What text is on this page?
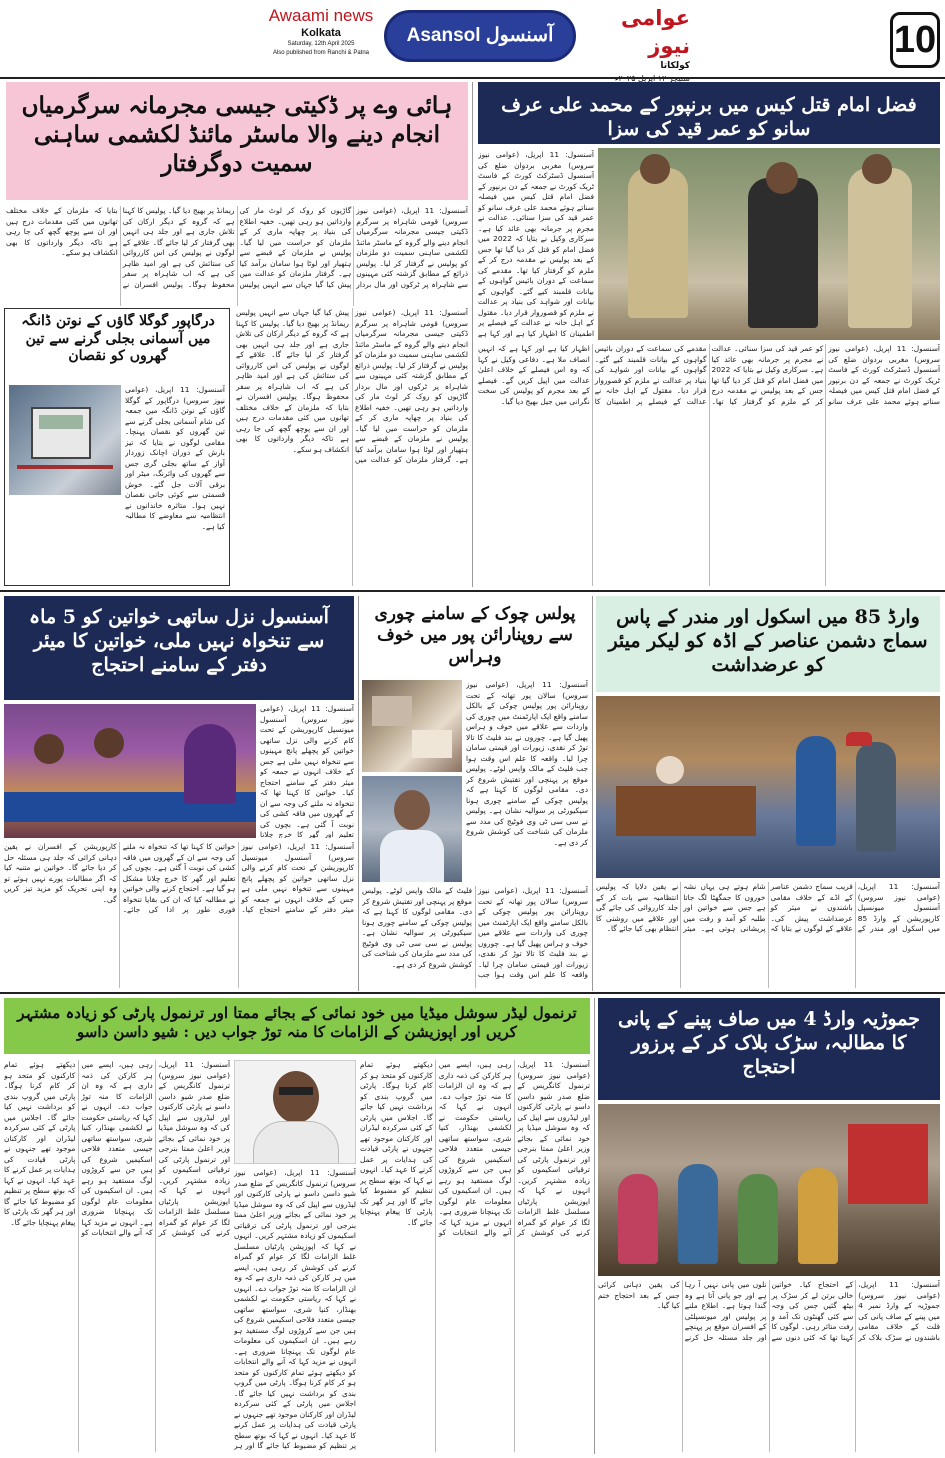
Awaami news
Kolkata
Saturday, 12th April 2025
Also published from Ranchi & Patna
Asansol آسنسول
عوامی نیوز
کولکاتا
10
ہائی وے پر ڈکیتی جیسی مجرمانہ سرگرمیاں انجام دینے والا ماسٹر مائنڈ لکشمی ساہنی سمیت دوگرفتار
آسنسول: 11 اپریل، (عوامی نیوز سروس) قومی شاہراہ پر سرگرم ڈکیتی جیسی مجرمانہ سرگرمیاں انجام دینے والے گروہ کے ماسٹر مائنڈ لکشمی ساہنی سمیت دو ملزمان کو پولیس نے گرفتار کر لیا۔ پولیس ذرائع کے مطابق گزشتہ کئی مہینوں سے شاہراہ پر ٹرکوں اور مال بردار گاڑیوں کو روک کر لوٹ مار کی وارداتیں ہو رہی تھیں۔ خفیہ اطلاع کی بنیاد پر چھاپہ ماری کر کے ملزمان کو حراست میں لیا گیا۔ پولیس نے ملزمان کے قبضے سے ہتھیار اور لوٹا ہوا سامان برآمد کیا ہے۔ گرفتار ملزمان کو عدالت میں پیش کیا گیا جہاں سے انہیں پولیس ریمانڈ پر بھیج دیا گیا۔ پولیس کا کہنا ہے کہ گروہ کے دیگر ارکان کی تلاش جاری ہے اور جلد ہی انہیں بھی گرفتار کر لیا جائے گا۔ علاقے کے لوگوں نے پولیس کی اس کارروائی کی ستائش کی ہے اور امید ظاہر کی ہے کہ اب شاہراہ پر سفر محفوظ ہوگا۔ پولیس افسران نے بتایا کہ ملزمان کے خلاف مختلف تھانوں میں کئی مقدمات درج ہیں اور ان سے پوچھ گچھ کی جا رہی ہے تاکہ دیگر وارداتوں کا بھی انکشاف ہو سکے۔
درگاپور گوگلا گاؤں کے نوتن ڈانگہ میں آسمانی بجلی گرنے سے تین گھروں کو نقصان
آسنسول: 11 اپریل، (عوامی نیوز سروس) درگاپور کے گوگلا گاؤں کے نوتن ڈانگہ میں جمعہ کی شام آسمانی بجلی گرنے سے تین گھروں کو نقصان پہنچا۔ مقامی لوگوں نے بتایا کہ تیز بارش کے دوران اچانک زوردار آواز کے ساتھ بجلی گری جس سے گھروں کی وائرنگ، میٹر اور برقی آلات جل گئے۔ خوش قسمتی سے کوئی جانی نقصان نہیں ہوا۔ متاثرہ خاندانوں نے انتظامیہ سے معاوضے کا مطالبہ کیا ہے۔
آسنسول: 11 اپریل، (عوامی نیوز سروس) قومی شاہراہ پر سرگرم ڈکیتی جیسی مجرمانہ سرگرمیاں انجام دینے والے گروہ کے ماسٹر مائنڈ لکشمی ساہنی سمیت دو ملزمان کو پولیس نے گرفتار کر لیا۔ پولیس ذرائع کے مطابق گزشتہ کئی مہینوں سے شاہراہ پر ٹرکوں اور مال بردار گاڑیوں کو روک کر لوٹ مار کی وارداتیں ہو رہی تھیں۔ خفیہ اطلاع کی بنیاد پر چھاپہ ماری کر کے ملزمان کو حراست میں لیا گیا۔ پولیس نے ملزمان کے قبضے سے ہتھیار اور لوٹا ہوا سامان برآمد کیا ہے۔ گرفتار ملزمان کو عدالت میں پیش کیا گیا جہاں سے انہیں پولیس ریمانڈ پر بھیج دیا گیا۔ پولیس کا کہنا ہے کہ گروہ کے دیگر ارکان کی تلاش جاری ہے اور جلد ہی انہیں بھی گرفتار کر لیا جائے گا۔ علاقے کے لوگوں نے پولیس کی اس کارروائی کی ستائش کی ہے اور امید ظاہر کی ہے کہ اب شاہراہ پر سفر محفوظ ہوگا۔ پولیس افسران نے بتایا کہ ملزمان کے خلاف مختلف تھانوں میں کئی مقدمات درج ہیں اور ان سے پوچھ گچھ کی جا رہی ہے تاکہ دیگر وارداتوں کا بھی انکشاف ہو سکے۔
فضل امام قتل کیس میں برنپور کے محمد علی عرف سانو کو عمر قید کی سزا
آسنسول: 11 اپریل، (عوامی نیوز سروس) مغربی بردوان ضلع کی آسنسول ڈسٹرکٹ کورٹ کے فاسٹ ٹریک کورٹ نے جمعہ کے دن برنپور کے فضل امام قتل کیس میں فیصلہ سناتے ہوئے محمد علی عرف سانو کو عمر قید کی سزا سنائی۔ عدالت نے مجرم پر جرمانہ بھی عائد کیا ہے۔ سرکاری وکیل نے بتایا کہ 2022 میں فضل امام کو قتل کر دیا گیا تھا جس کے بعد پولیس نے مقدمہ درج کر کے ملزم کو گرفتار کیا تھا۔ مقدمے کی سماعت کے دوران بائیس گواہوں کے بیانات قلمبند کیے گئے۔ گواہوں کے بیانات اور شواہد کی بنیاد پر عدالت نے ملزم کو قصوروار قرار دیا۔ مقتول کے اہل خانہ نے عدالت کے فیصلے پر اطمینان کا اظہار کیا ہے اور کہا ہے
آسنسول: 11 اپریل، (عوامی نیوز سروس) مغربی بردوان ضلع کی آسنسول ڈسٹرکٹ کورٹ کے فاسٹ ٹریک کورٹ نے جمعہ کے دن برنپور کے فضل امام قتل کیس میں فیصلہ سناتے ہوئے محمد علی عرف سانو کو عمر قید کی سزا سنائی۔ عدالت نے مجرم پر جرمانہ بھی عائد کیا ہے۔ سرکاری وکیل نے بتایا کہ 2022 میں فضل امام کو قتل کر دیا گیا تھا جس کے بعد پولیس نے مقدمہ درج کر کے ملزم کو گرفتار کیا تھا۔ مقدمے کی سماعت کے دوران بائیس گواہوں کے بیانات قلمبند کیے گئے۔ گواہوں کے بیانات اور شواہد کی بنیاد پر عدالت نے ملزم کو قصوروار قرار دیا۔ مقتول کے اہل خانہ نے عدالت کے فیصلے پر اطمینان کا اظہار کیا ہے اور کہا ہے کہ انہیں انصاف ملا ہے۔ دفاعی وکیل نے کہا کہ وہ اس فیصلے کے خلاف اعلیٰ عدالت میں اپیل کریں گے۔ فیصلے کے بعد مجرم کو پولیس کی سخت نگرانی میں جیل بھیج دیا گیا۔
آسنسول نزل ساتھی خواتین کو 5 ماہ سے تنخواہ نہیں ملی، خواتین کا میئر دفتر کے سامنے احتجاج
آسنسول: 11 اپریل، (عوامی نیوز سروس) آسنسول میونسپل کارپوریشن کے تحت کام کرنے والی نزل ساتھی خواتین کو پچھلے پانچ مہینوں سے تنخواہ نہیں ملی ہے جس کے خلاف انہوں نے جمعہ کو میئر دفتر کے سامنے احتجاج کیا۔ خواتین کا کہنا تھا کہ تنخواہ نہ ملنے کی وجہ سے ان کے گھروں میں فاقہ کشی کی نوبت آ گئی ہے۔ بچوں کی تعلیم اور گھر کا خرچ چلانا
آسنسول: 11 اپریل، (عوامی نیوز سروس) آسنسول میونسپل کارپوریشن کے تحت کام کرنے والی نزل ساتھی خواتین کو پچھلے پانچ مہینوں سے تنخواہ نہیں ملی ہے جس کے خلاف انہوں نے جمعہ کو میئر دفتر کے سامنے احتجاج کیا۔ خواتین کا کہنا تھا کہ تنخواہ نہ ملنے کی وجہ سے ان کے گھروں میں فاقہ کشی کی نوبت آ گئی ہے۔ بچوں کی تعلیم اور گھر کا خرچ چلانا مشکل ہو گیا ہے۔ احتجاج کرنے والی خواتین نے مطالبہ کیا کہ ان کی بقایا تنخواہ فوری طور پر ادا کی جائے۔ کارپوریشن کے افسران نے یقین دہانی کرائی کہ جلد ہی مسئلہ حل کر دیا جائے گا۔ خواتین نے متنبہ کیا کہ اگر مطالبات پورے نہیں ہوئے تو وہ اپنی تحریک کو مزید تیز کریں گی۔
پولس چوک کے سامنے چوری سے روپنارائن پور میں خوف وہراس
آسنسول: 11 اپریل، (عوامی نیوز سروس) سالان پور تھانہ کے تحت روپنارائن پور پولیس چوکی کے بالکل سامنے واقع ایک اپارٹمنٹ میں چوری کی واردات سے علاقے میں خوف و ہراس پھیل گیا ہے۔ چوروں نے بند فلیٹ کا تالا توڑ کر نقدی، زیورات اور قیمتی سامان چرا لیا۔ واقعہ کا علم اس وقت ہوا جب فلیٹ کے مالک واپس لوٹے۔ پولیس موقع پر پہنچی اور تفتیش شروع کر دی۔ مقامی لوگوں کا کہنا ہے کہ پولیس چوکی کے سامنے چوری ہونا سیکیورٹی پر سوالیہ نشان ہے۔ پولیس نے سی سی ٹی وی فوٹیج کی مدد سے ملزمان کی شناخت کی کوشش شروع کر دی ہے۔
آسنسول: 11 اپریل، (عوامی نیوز سروس) سالان پور تھانہ کے تحت روپنارائن پور پولیس چوکی کے بالکل سامنے واقع ایک اپارٹمنٹ میں چوری کی واردات سے علاقے میں خوف و ہراس پھیل گیا ہے۔ چوروں نے بند فلیٹ کا تالا توڑ کر نقدی، زیورات اور قیمتی سامان چرا لیا۔ واقعہ کا علم اس وقت ہوا جب فلیٹ کے مالک واپس لوٹے۔ پولیس موقع پر پہنچی اور تفتیش شروع کر دی۔ مقامی لوگوں کا کہنا ہے کہ پولیس چوکی کے سامنے چوری ہونا سیکیورٹی پر سوالیہ نشان ہے۔ پولیس نے سی سی ٹی وی فوٹیج کی مدد سے ملزمان کی شناخت کی کوشش شروع کر دی ہے۔
وارڈ 85 میں اسکول اور مندر کے پاس سماج دشمن عناصر کے اڈہ کو لیکر میئر کو عرضداشت
آسنسول: 11 اپریل، (عوامی نیوز سروس) آسنسول میونسپل کارپوریشن کے وارڈ 85 میں اسکول اور مندر کے قریب سماج دشمن عناصر کے اڈے کے خلاف مقامی باشندوں نے میئر کو عرضداشت پیش کی۔ علاقے کے لوگوں نے بتایا کہ شام ہوتے ہی یہاں نشہ خوروں کا جمگھٹا لگ جاتا ہے جس سے خواتین اور طلبہ کو آمد و رفت میں پریشانی ہوتی ہے۔ میئر نے یقین دلایا کہ پولیس انتظامیہ سے بات کر کے جلد کارروائی کی جائے گی اور علاقے میں روشنی کا انتظام بھی کیا جائے گا۔
ترنمول لیڈر سوشل میڈیا میں خود نمائی کے بجائے ممتا اور ترنمول پارٹی کو زیادہ مشتہر کریں اور اپوزیشن کے الزامات کا منہ توڑ جواب دیں : شیو داسن داسو
آسنسول: 11 اپریل، (عوامی نیوز سروس) ترنمول کانگریس کے ضلع صدر شیو داسن داسو نے پارٹی کارکنوں اور لیڈروں سے اپیل کی کہ وہ سوشل میڈیا پر خود نمائی کے بجائے وزیر اعلیٰ ممتا بنرجی اور ترنمول پارٹی کی ترقیاتی اسکیموں کو زیادہ مشتہر کریں۔ انہوں نے کہا کہ اپوزیشن پارٹیاں مسلسل غلط الزامات لگا کر عوام کو گمراہ کرنے کی کوشش کر رہی ہیں، ایسے میں ہر کارکن کی ذمہ داری ہے کہ وہ ان الزامات کا منہ توڑ جواب دے۔ انہوں نے کہا کہ ریاستی حکومت نے لکشمی بھنڈار، کنیا شری، سواستھ ساتھی جیسی متعدد فلاحی اسکیمیں شروع کی ہیں جن سے کروڑوں لوگ مستفید ہو رہے ہیں۔ ان اسکیموں کی معلومات عام لوگوں تک پہنچانا ضروری ہے۔ انہوں نے مزید کہا کہ آنے والے انتخابات کو دیکھتے ہوئے تمام کارکنوں کو متحد ہو کر کام کرنا ہوگا۔ پارٹی میں گروپ بندی کو برداشت نہیں کیا جائے گا۔ اجلاس میں پارٹی کے کئی سرکردہ لیڈران اور کارکنان موجود تھے جنہوں نے پارٹی قیادت کی ہدایات پر عمل کرنے کا عہد کیا۔ انہوں نے کہا کہ بوتھ سطح پر تنظیم کو مضبوط کیا جائے گا اور ہر گھر تک پارٹی کا پیغام پہنچایا جائے گا۔
آسنسول: 11 اپریل، (عوامی نیوز سروس) ترنمول کانگریس کے ضلع صدر شیو داسن داسو نے پارٹی کارکنوں اور لیڈروں سے اپیل کی کہ وہ سوشل میڈیا پر خود نمائی کے بجائے وزیر اعلیٰ ممتا بنرجی اور ترنمول پارٹی کی ترقیاتی اسکیموں کو زیادہ مشتہر کریں۔ انہوں نے کہا کہ اپوزیشن پارٹیاں مسلسل غلط الزامات لگا کر عوام کو گمراہ کرنے کی کوشش کر رہی ہیں، ایسے میں ہر کارکن کی ذمہ داری ہے کہ وہ ان الزامات کا منہ توڑ جواب دے۔ انہوں نے کہا کہ ریاستی حکومت نے لکشمی بھنڈار، کنیا شری، سواستھ ساتھی جیسی متعدد فلاحی اسکیمیں شروع کی ہیں جن سے کروڑوں لوگ مستفید ہو رہے ہیں۔ ان اسکیموں کی معلومات عام لوگوں تک پہنچانا ضروری ہے۔ انہوں نے مزید کہا کہ آنے والے انتخابات کو دیکھتے ہوئے تمام کارکنوں کو متحد ہو کر کام کرنا ہوگا۔ پارٹی میں گروپ بندی کو برداشت نہیں کیا جائے گا۔ اجلاس میں پارٹی کے کئی سرکردہ لیڈران اور کارکنان موجود تھے جنہوں نے پارٹی قیادت کی ہدایات پر عمل کرنے کا عہد کیا۔ انہوں نے کہا کہ بوتھ سطح پر تنظیم کو مضبوط کیا جائے گا اور ہر
آسنسول: 11 اپریل، (عوامی نیوز سروس) ترنمول کانگریس کے ضلع صدر شیو داسن داسو نے پارٹی کارکنوں اور لیڈروں سے اپیل کی کہ وہ سوشل میڈیا پر خود نمائی کے بجائے وزیر اعلیٰ ممتا بنرجی اور ترنمول پارٹی کی ترقیاتی اسکیموں کو زیادہ مشتہر کریں۔ انہوں نے کہا کہ اپوزیشن پارٹیاں مسلسل غلط الزامات لگا کر عوام کو گمراہ کرنے کی کوشش کر رہی ہیں، ایسے میں ہر کارکن کی ذمہ داری ہے کہ وہ ان الزامات کا منہ توڑ جواب دے۔ انہوں نے کہا کہ ریاستی حکومت نے لکشمی بھنڈار، کنیا شری، سواستھ ساتھی جیسی متعدد فلاحی اسکیمیں شروع کی ہیں جن سے کروڑوں لوگ مستفید ہو رہے ہیں۔ ان اسکیموں کی معلومات عام لوگوں تک پہنچانا ضروری ہے۔ انہوں نے مزید کہا کہ آنے والے انتخابات کو دیکھتے ہوئے تمام کارکنوں کو متحد ہو کر کام کرنا ہوگا۔ پارٹی میں گروپ بندی کو برداشت نہیں کیا جائے گا۔ اجلاس میں پارٹی کے کئی سرکردہ لیڈران اور کارکنان موجود تھے جنہوں نے پارٹی قیادت کی ہدایات پر عمل کرنے کا عہد کیا۔ انہوں نے کہا کہ بوتھ سطح پر تنظیم کو مضبوط کیا جائے گا اور ہر گھر تک پارٹی کا پیغام پہنچایا جائے گا۔
جموڑیہ وارڈ 4 میں صاف پینے کے پانی کا مطالبہ، سڑک بلاک کر کے پرزور احتجاج
آسنسول: 11 اپریل، (عوامی نیوز سروس) جموڑیہ کے وارڈ نمبر 4 میں پینے کے صاف پانی کی قلت کے خلاف مقامی باشندوں نے سڑک بلاک کر کے احتجاج کیا۔ خواتین خالی برتن لے کر سڑک پر بیٹھ گئیں جس کی وجہ سے کئی گھنٹوں تک آمد و رفت متاثر رہی۔ لوگوں کا کہنا تھا کہ کئی دنوں سے نلوں میں پانی نہیں آ رہا ہے اور جو پانی آتا ہے وہ گندا ہوتا ہے۔ اطلاع ملنے پر پولیس اور میونسپلٹی کے افسران موقع پر پہنچے اور جلد مسئلہ حل کرنے کی یقین دہانی کرائی جس کے بعد احتجاج ختم کیا گیا۔
